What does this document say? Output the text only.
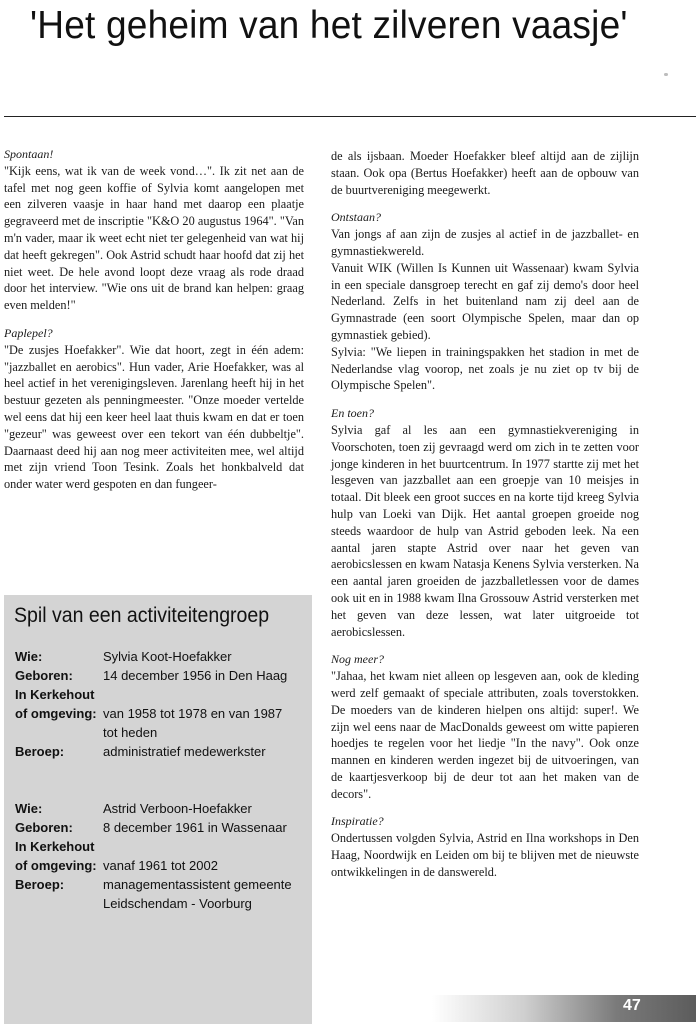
'Het geheim van het zilveren vaasje'

Spontaan!

"Kijk eens, wat ik van de week vond…". Ik zit net aan de tafel met nog geen koffie of Sylvia komt aangelopen met een zilveren vaasje in haar hand met daarop een plaatje gegraveerd met de inscriptie "K&O 20 augustus 1964". "Van m'n vader, maar ik weet echt niet ter gelegenheid van wat hij dat heeft gekregen". Ook Astrid schudt haar hoofd dat zij het niet weet. De hele avond loopt deze vraag als rode draad door het interview. "Wie ons uit de brand kan helpen: graag even melden!"

Paplepel?

"De zusjes Hoefakker". Wie dat hoort, zegt in één adem: "jazzballet en aerobics". Hun vader, Arie Hoefakker, was al heel actief in het verenigingsleven. Jarenlang heeft hij in het bestuur gezeten als penningmeester. "Onze moeder vertelde wel eens dat hij een keer heel laat thuis kwam en dat er toen "gezeur" was geweest over een tekort van één dubbeltje". Daarnaast deed hij aan nog meer activiteiten mee, wel altijd met zijn vriend Toon Tesink. Zoals het honkbalveld dat onder water werd gespoten en dan fungeer-

Spil van een activiteitengroep
Wie:	Sylvia Koot-Hoefakker
Geboren:	14 december 1956 in Den Haag
In Kerkehout
of omgeving: van 1958 tot 1978 en van 1987
tot heden
Beroep:	administratief medewerkster
Wie:	Astrid Verboon-Hoefakker
Geboren:	8 december 1961 in Wassenaar
In Kerkehout
of omgeving: vanaf 1961 tot 2002
Beroep:	managementassistent gemeente
Leidschendam - Voorburg

de als ijsbaan. Moeder Hoefakker bleef altijd aan de zijlijn staan. Ook opa (Bertus Hoefakker) heeft aan de opbouw van de buurtvereniging meegewerkt.

Ontstaan?

Van jongs af aan zijn de zusjes al actief in de jazzballet- en gymnastiekwereld.
Vanuit WIK (Willen Is Kunnen uit Wassenaar) kwam Sylvia in een speciale dansgroep terecht en gaf zij demo's door heel Nederland. Zelfs in het buitenland nam zij deel aan de Gymnastrade (een soort Olympische Spelen, maar dan op gymnastiek gebied).
Sylvia: "We liepen in trainingspakken het stadion in met de Nederlandse vlag voorop, net zoals je nu ziet op tv bij de Olympische Spelen".

En toen?

Sylvia gaf al les aan een gymnastiekvereniging in Voorschoten, toen zij gevraagd werd om zich in te zetten voor jonge kinderen in het buurtcentrum. In 1977 startte zij met het lesgeven van jazzballet aan een groepje van 10 meisjes in totaal. Dit bleek een groot succes en na korte tijd kreeg Sylvia hulp van Loeki van Dijk. Het aantal groepen groeide nog steeds waardoor de hulp van Astrid geboden leek. Na een aantal jaren stapte Astrid over naar het geven van aerobicslessen en kwam Natasja Kenens Sylvia versterken. Na een aantal jaren groeiden de jazzballetlessen voor de dames ook uit en in 1988 kwam Ilna Grossouw Astrid versterken met het geven van deze lessen, wat later uitgroeide tot aerobicslessen.

Nog meer?

"Jahaa, het kwam niet alleen op lesgeven aan, ook de kleding werd zelf gemaakt of speciale attributen, zoals toverstokken. De moeders van de kinderen hielpen ons altijd: super!. We zijn wel eens naar de MacDonalds geweest om witte papieren hoedjes te regelen voor het liedje "In the navy". Ook onze mannen en kinderen werden ingezet bij de uitvoeringen, van de kaartjesverkoop bij de deur tot aan het maken van de decors".

Inspiratie?

Ondertussen volgden Sylvia, Astrid en Ilna workshops in Den Haag, Noordwijk en Leiden om bij te blijven met de nieuwste ontwikkelingen in de danswereld.

47
